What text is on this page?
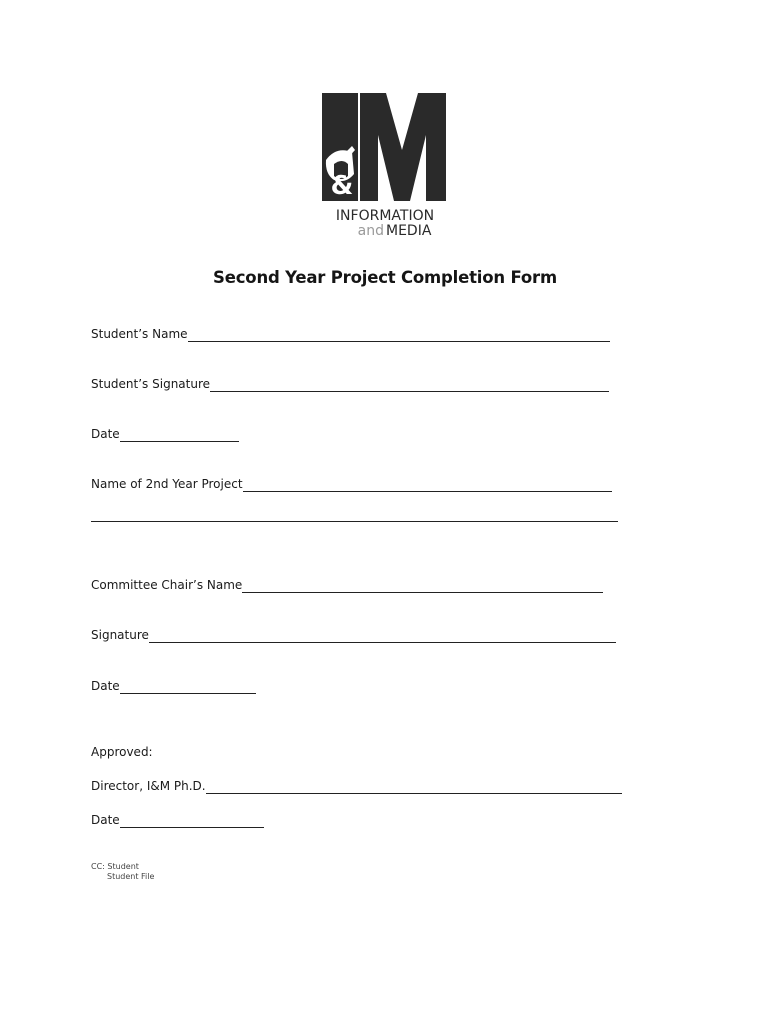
&
INFORMATION
MEDIA
and
Second Year Project Completion Form
Student’s Name
Student’s Signature
Date
Name of 2nd Year Project
Committee Chair’s Name
Signature
Date
Approved:
Director, I&M Ph.D.
Date
CC: Student
Student File
